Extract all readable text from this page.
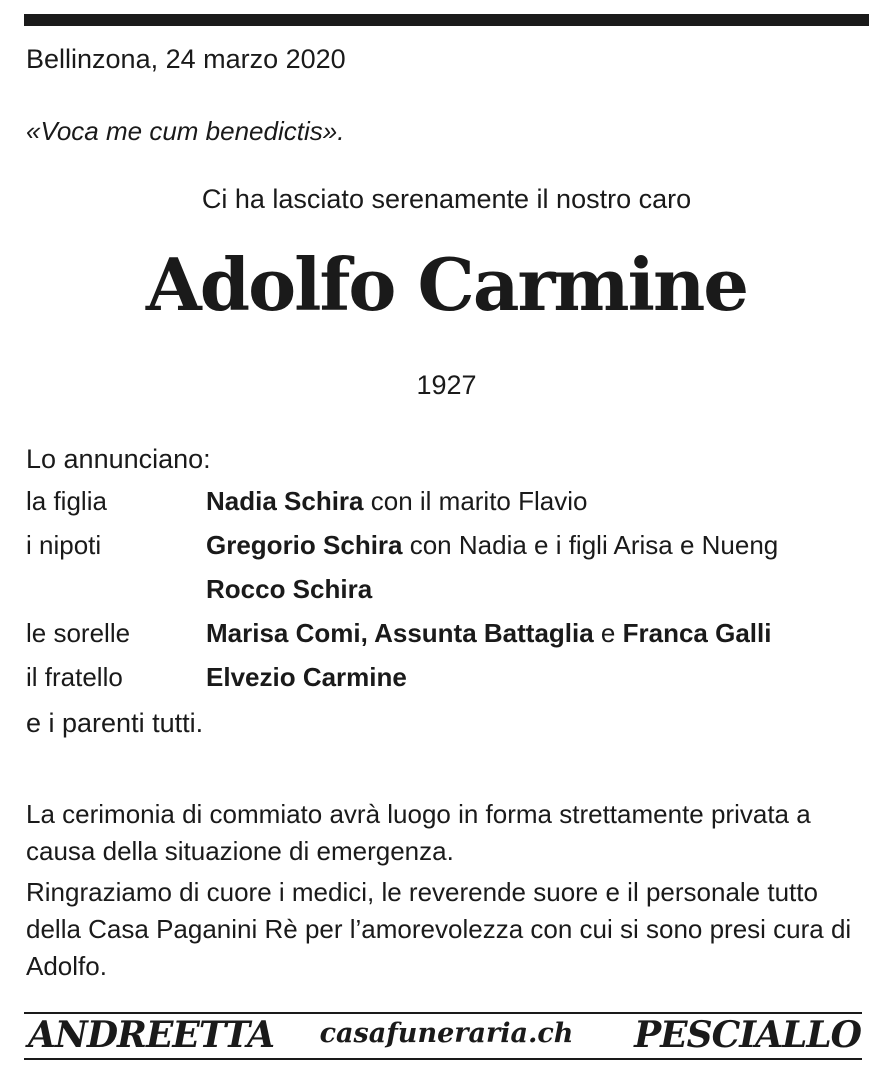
Bellinzona, 24 marzo 2020
«Voca me cum benedictis».
Ci ha lasciato serenamente il nostro caro
Adolfo Carmine
1927
Lo annunciano:
la figlia	Nadia Schira con il marito Flavio
i nipoti	Gregorio Schira con Nadia e i figli Arisa e Nueng
Rocco Schira
le sorelle	Marisa Comi, Assunta Battaglia e Franca Galli
il fratello	Elvezio Carmine
e i parenti tutti.
La cerimonia di commiato avrà luogo in forma strettamente privata a causa della situazione di emergenza.
Ringraziamo di cuore i medici, le reverende suore e il personale tutto della Casa Paganini Rè per l’amorevolezza con cui si sono presi cura di Adolfo.
ANDREETTA	casafuneraria.ch	PESCIALLO
